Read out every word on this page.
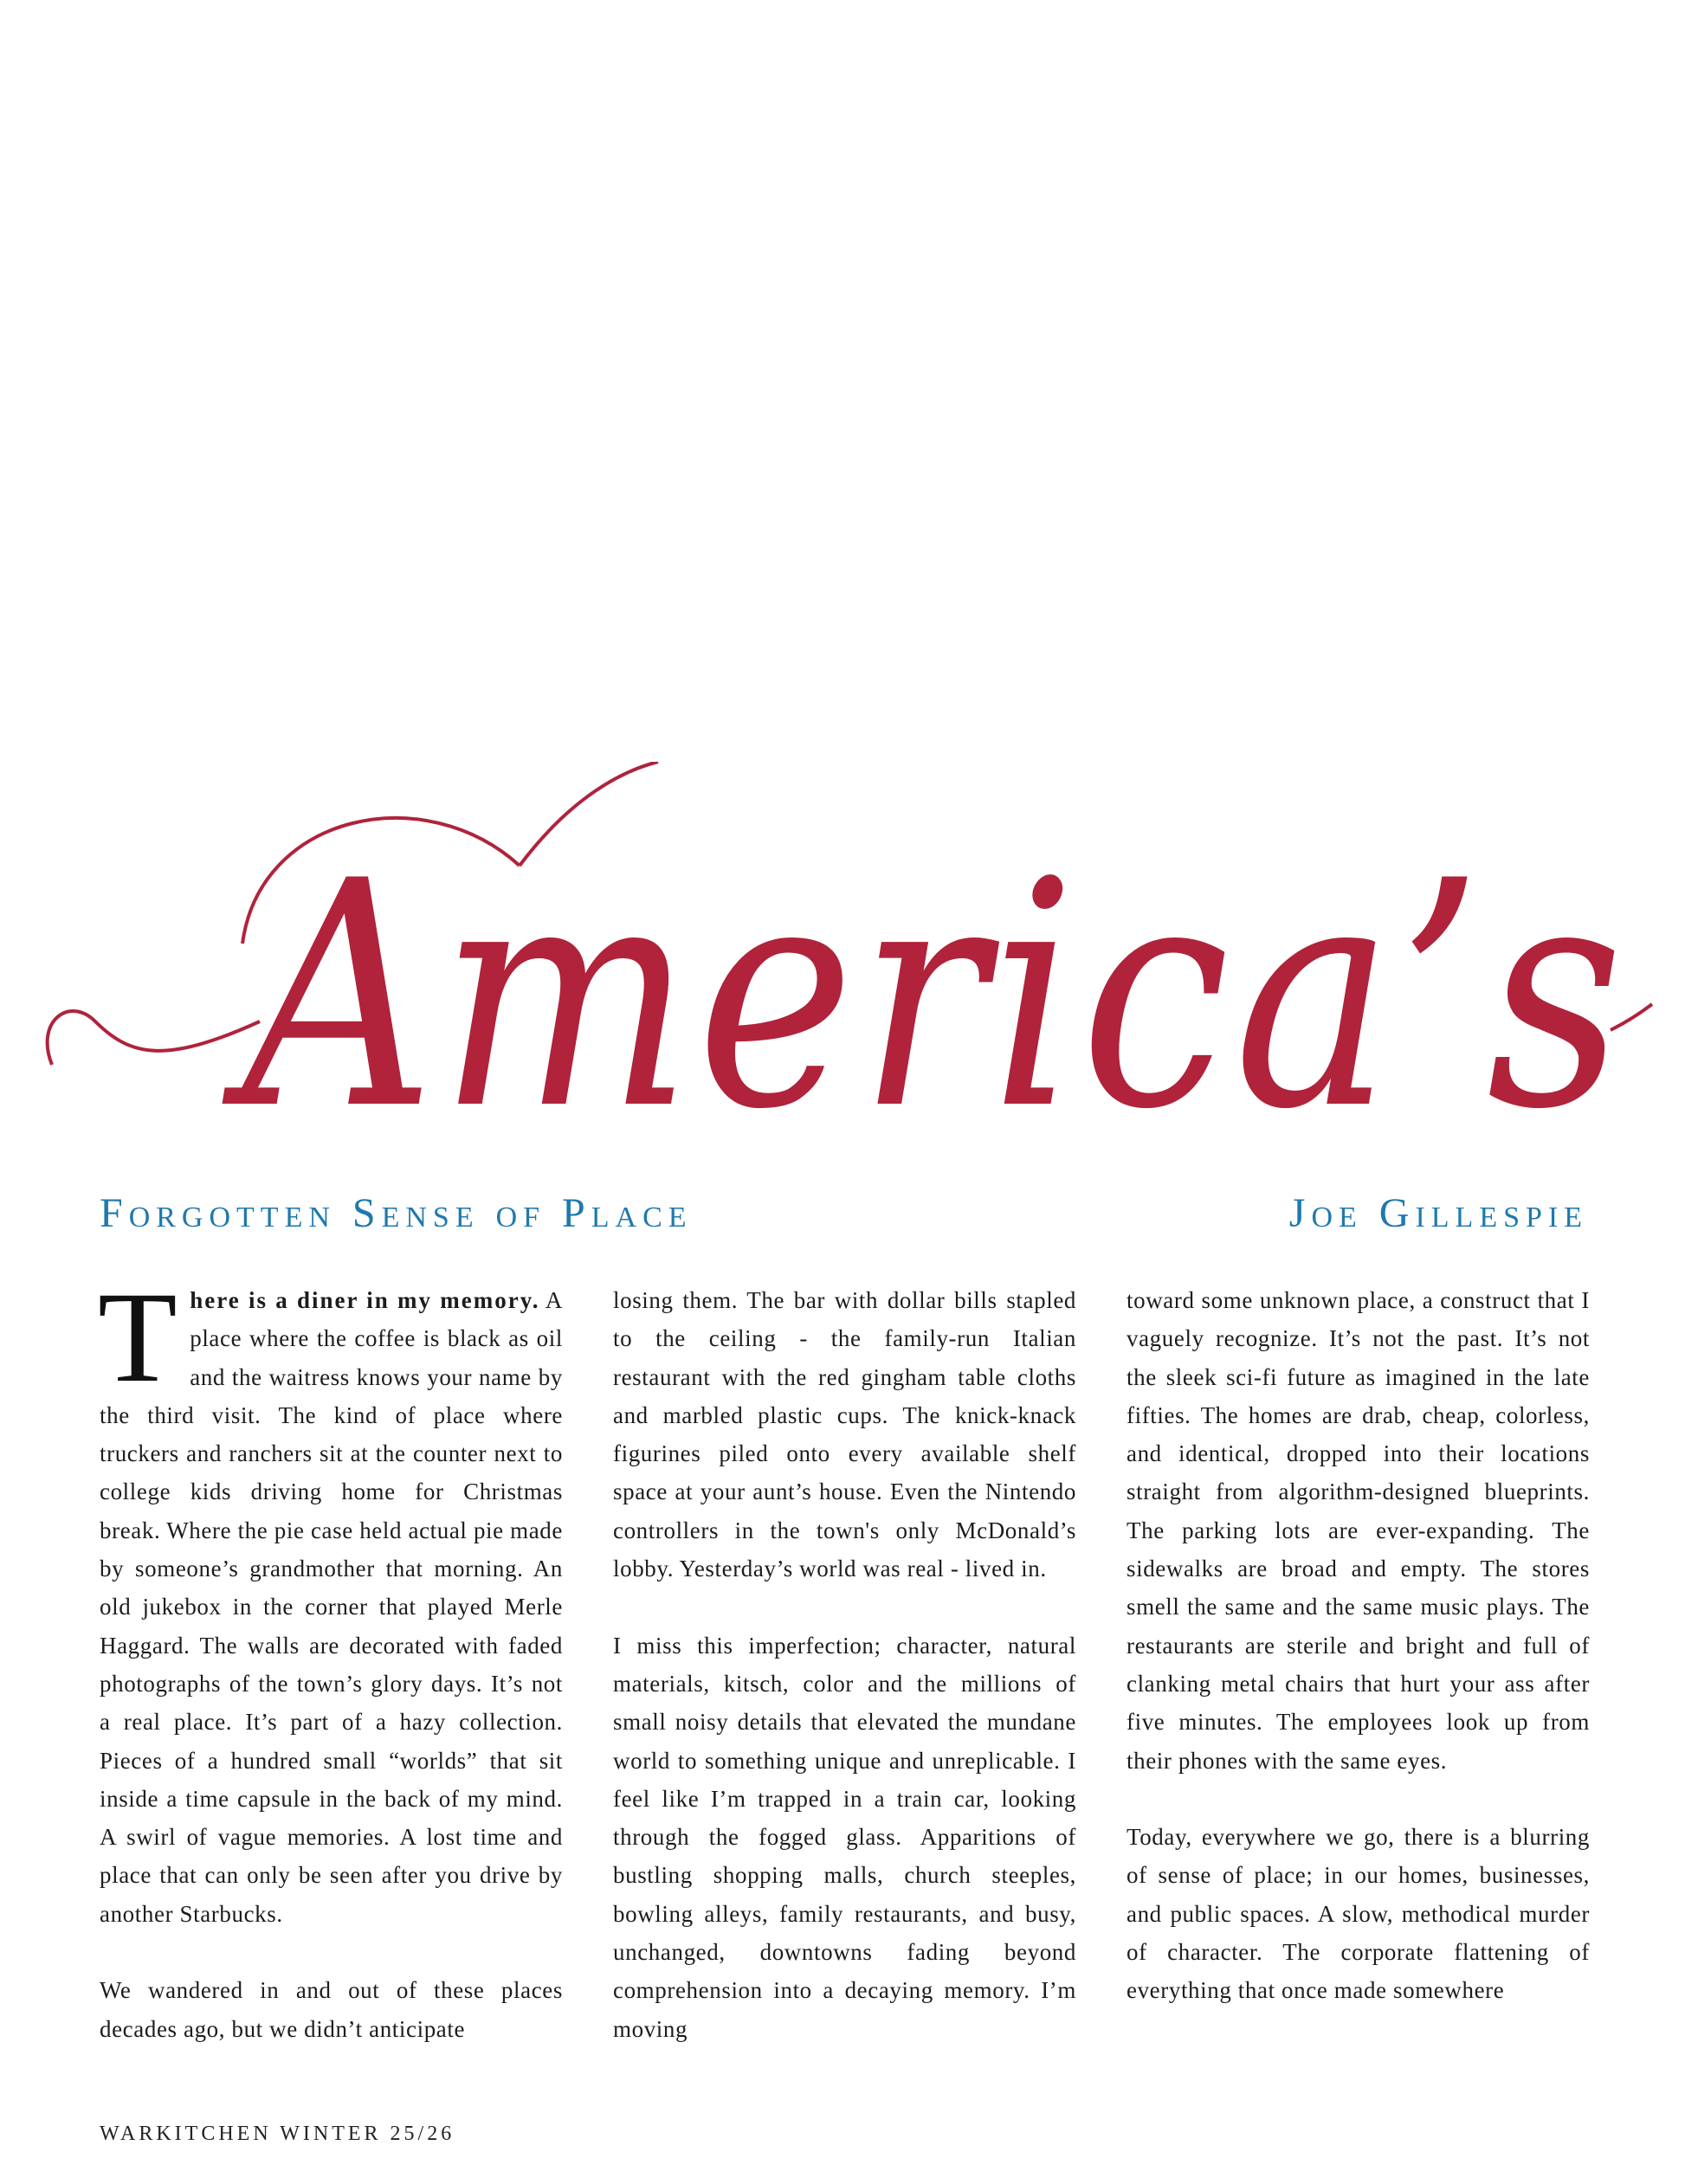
America’s
Forgotten Sense of Place	Joe Gillespie

T here is a diner in my memory. A place where the coffee is black as oil and the waitress knows your name by the third visit. The kind of place where truckers and ranchers sit at the counter next to college kids driving home for Christmas break. Where the pie case held actual pie made by someone’s grandmother that morning. An old jukebox in the corner that played Merle Haggard. The walls are decorated with faded photographs of the town’s glory days. It’s not a real place. It’s part of a hazy collection. Pieces of a hundred small “worlds” that sit inside a time capsule in the back of my mind. A swirl of vague memories. A lost time and place that can only be seen after you drive by another Starbucks.

We wandered in and out of these places decades ago, but we didn’t anticipate

losing them. The bar with dollar bills stapled to the ceiling - the family-run Italian restaurant with the red gingham table cloths and marbled plastic cups. The knick-knack figurines piled onto every available shelf space at your aunt’s house. Even the Nintendo controllers in the town's only McDonald’s lobby. Yesterday’s world was real - lived in.

I miss this imperfection; character, natural materials, kitsch, color and the millions of small noisy details that elevated the mundane world to something unique and unreplicable. I feel like I’m trapped in a train car, looking through the fogged glass. Apparitions of bustling shopping malls, church steeples, bowling alleys, family restaurants, and busy, unchanged, downtowns fading beyond comprehension into a decaying memory. I’m moving

toward some unknown place, a construct that I vaguely recognize. It’s not the past. It’s not the sleek sci-fi future as imagined in the late fifties. The homes are drab, cheap, colorless, and identical, dropped into their locations straight from algorithm-designed blueprints. The parking lots are ever-expanding. The sidewalks are broad and empty. The stores smell the same and the same music plays. The restaurants are sterile and bright and full of clanking metal chairs that hurt your ass after five minutes. The employees look up from their phones with the same eyes.

Today, everywhere we go, there is a blurring of sense of place; in our homes, businesses, and public spaces. A slow, methodical murder of character. The corporate flattening of everything that once made somewhere

WARKITCHEN WINTER 25/26
